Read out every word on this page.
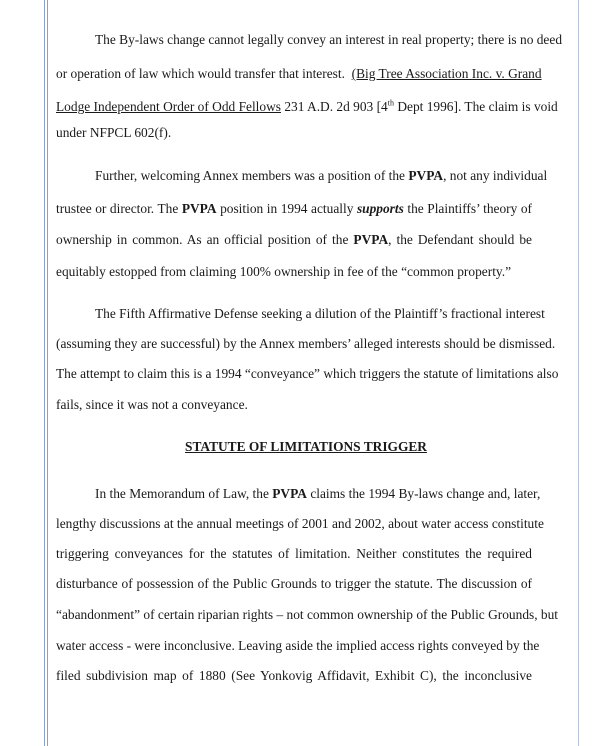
The By-laws change cannot legally convey an interest in real property; there is no deed
or operation of law which would transfer that interest. (Big Tree Association Inc. v. Grand
Lodge Independent Order of Odd Fellows 231 A.D. 2d 903 [4th Dept 1996]. The claim is void
under NFPCL 602(f).
Further, welcoming Annex members was a position of the PVPA, not any individual
trustee or director. The PVPA position in 1994 actually supports the Plaintiffs’ theory of
ownership in common. As an official position of the PVPA, the Defendant should be
equitably estopped from claiming 100% ownership in fee of the “common property.”
The Fifth Affirmative Defense seeking a dilution of the Plaintiff’s fractional interest
(assuming they are successful) by the Annex members’ alleged interests should be dismissed.
The attempt to claim this is a 1994 “conveyance” which triggers the statute of limitations also
fails, since it was not a conveyance.
STATUTE OF LIMITATIONS TRIGGER
In the Memorandum of Law, the PVPA claims the 1994 By-laws change and, later,
lengthy discussions at the annual meetings of 2001 and 2002, about water access constitute
triggering conveyances for the statutes of limitation. Neither constitutes the required
disturbance of possession of the Public Grounds to trigger the statute. The discussion of
“abandonment” of certain riparian rights – not common ownership of the Public Grounds, but
water access - were inconclusive. Leaving aside the implied access rights conveyed by the
filed subdivision map of 1880 (See Yonkovig Affidavit, Exhibit C), the inconclusive
